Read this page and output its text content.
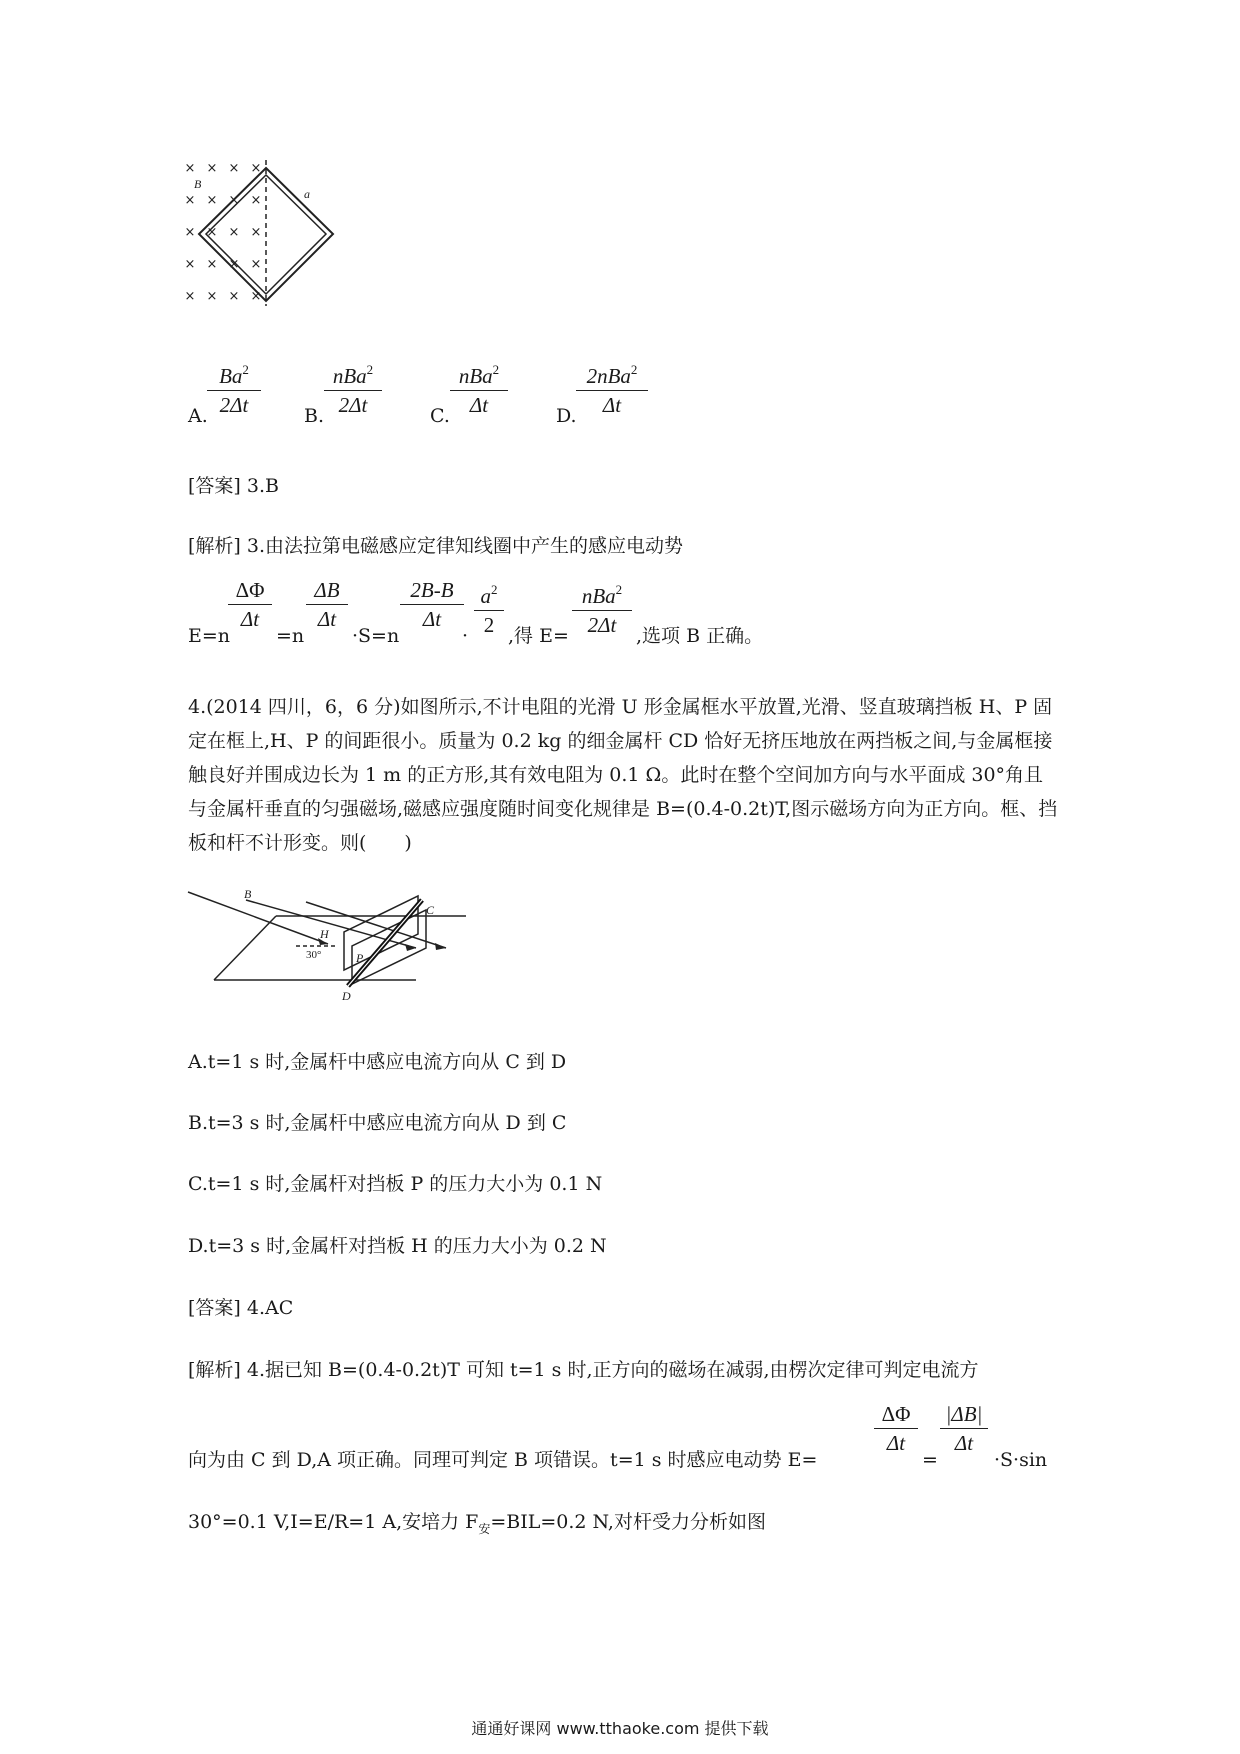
× × × ×
× × × ×
× × × ×
× × × ×
× × × ×
B
a
A.
Ba$^2$
2Δt	B.
nBa$^2$
2Δt	C.
nBa$^2$
Δt	D.
2nBa$^2$
Δt
[答案] 3.B
[解析] 3.由法拉第电磁感应定律知线圈中产生的感应电动势
E=n
ΔΦ
Δt
=n
ΔB
Δt
·S=n
2B-B
Δt
·
$a^2$
2 ,得 E=
nBa$^2$
2Δt	,选项 B 正确。
4.(2014 四川，6，6 分)如图所示,不计电阻的光滑 U 形金属框水平放置,光滑、竖直玻璃挡板 H、P 固定在框上,H、P 的间距很小。质量为 0.2 kg 的细金属杆 CD 恰好无挤压地放在两挡板之间,与金属框接触良好并围成边长为 1 m 的正方形,其有效电阻为 0.1 Ω。此时在整个空间加方向与水平面成 30°角且与金属杆垂直的匀强磁场,磁感应强度随时间变化规律是 B=(0.4-0.2t)T,图示磁场方向为正方向。框、挡板和杆不计形变。则(　　)
B
C
H
P
D
30°
A.t=1 s 时,金属杆中感应电流方向从 C 到 D
B.t=3 s 时,金属杆中感应电流方向从 D 到 C
C.t=1 s 时,金属杆对挡板 P 的压力大小为 0.1 N
D.t=3 s 时,金属杆对挡板 H 的压力大小为 0.2 N
[答案] 4.AC
[解析] 4.据已知 B=(0.4-0.2t)T 可知 t=1 s 时,正方向的磁场在减弱,由楞次定律可判定电流方
向为由 C 到 D,A 项正确。同理可判定 B 项错误。t=1 s 时感应电动势 E=
ΔΦ
Δt
=
|ΔB|
Δt
·S·sin
30°=0.1 V,I=E/R=1 A,安培力 $F_安=BIL=0.2$ N,对杆受力分析如图
通通好课网 www.tthaoke.com 提供下载
